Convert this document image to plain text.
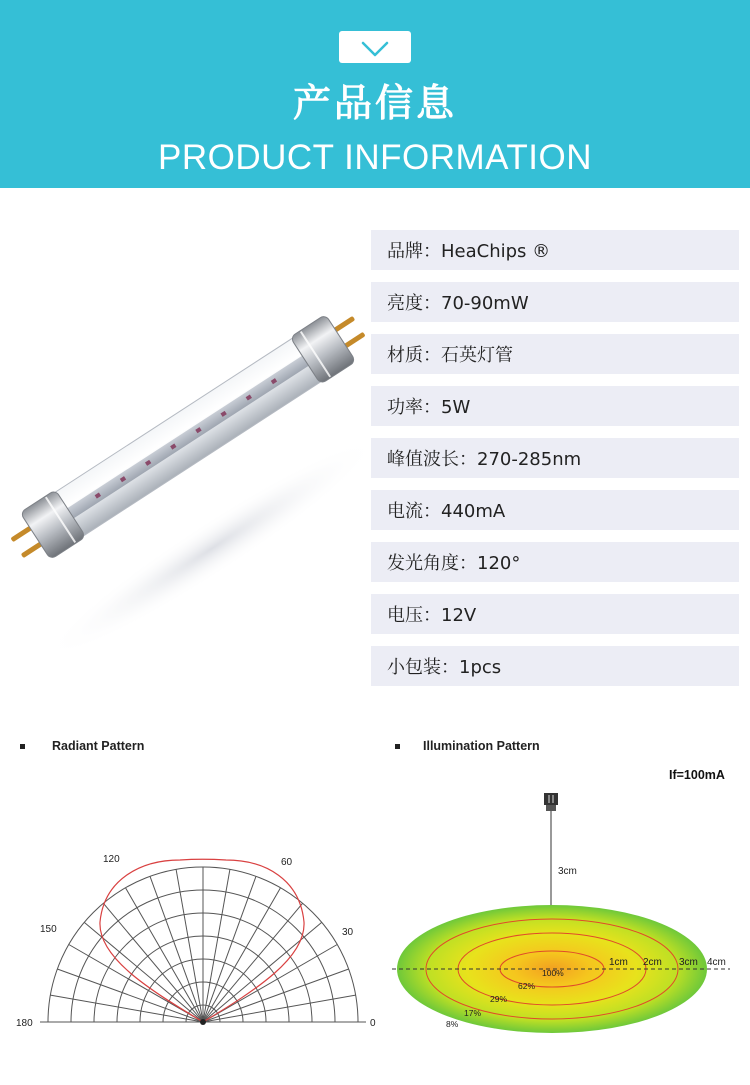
产品信息
PRODUCT INFORMATION
品牌：HeaChips ®
亮度：70-90mW
材质：石英灯管
功率：5W
峰值波长：270-285nm
电流：440mA
发光角度：120°
电压：12V
小包装：1pcs
Radiant Pattern
120	60
150	30
180	0
Illumination Pattern
If=100mA
3cm
1cm 2cm 3cm 4cm
100%
62%
29%
17%
8%
